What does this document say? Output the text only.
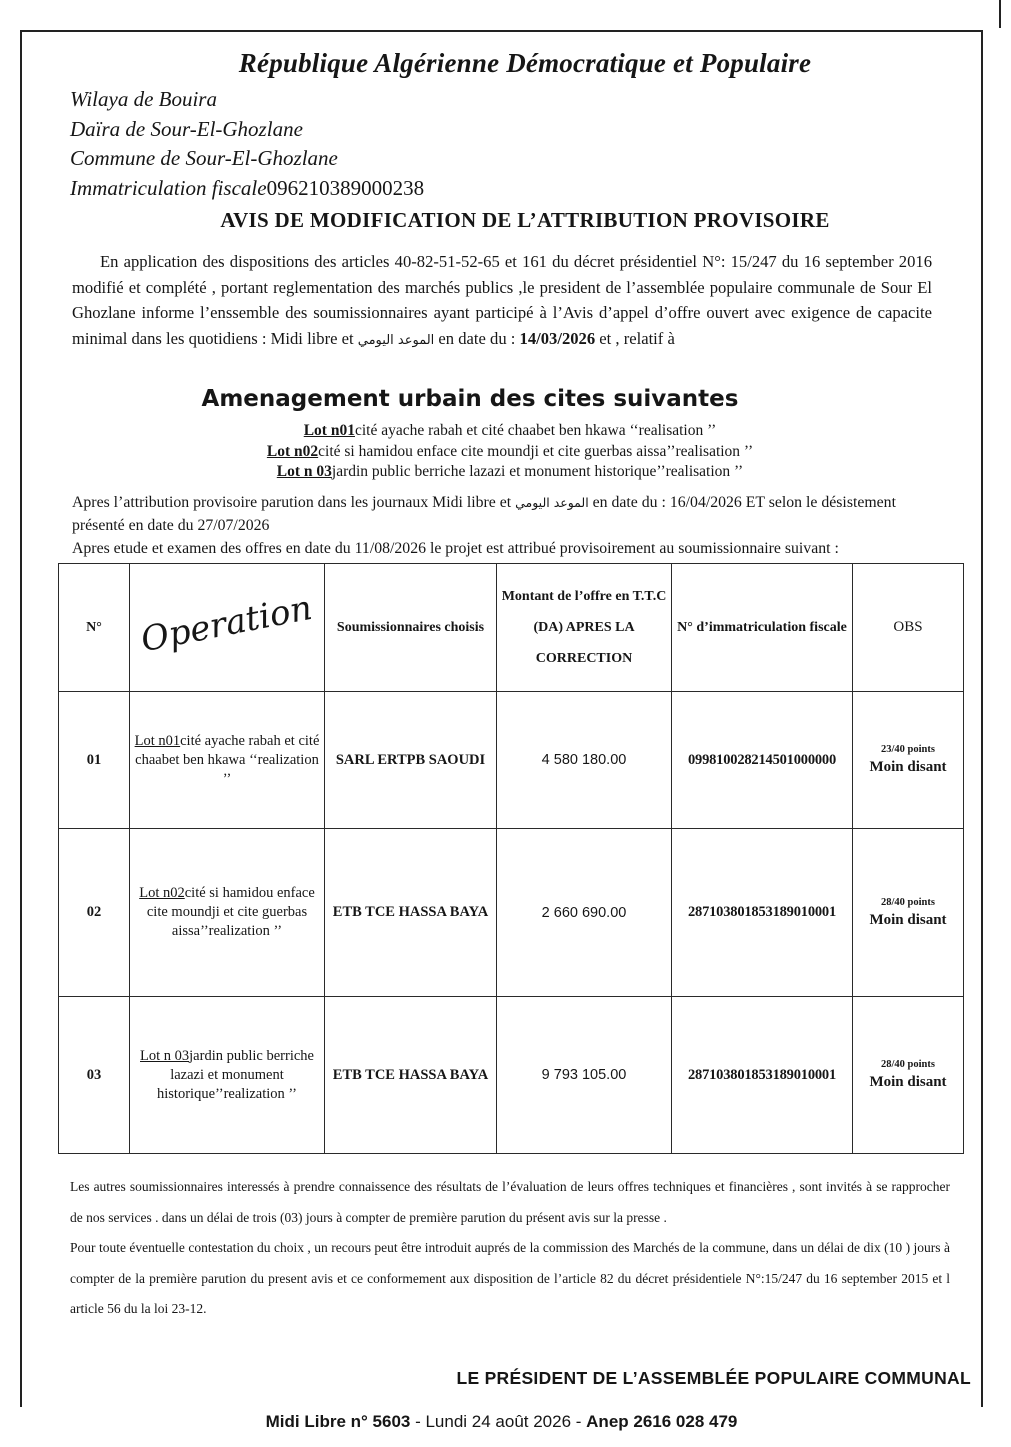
République Algérienne Démocratique et Populaire
Wilaya de Bouira
Daïra de Sour-El-Ghozlane
Commune de Sour-El-Ghozlane
Immatriculation fiscale096210389000238
AVIS DE MODIFICATION DE L’ATTRIBUTION PROVISOIRE
En application des dispositions des articles 40-82-51-52-65 et 161 du décret présidentiel N°: 15/247 du 16 september 2016 modifié et complété , portant reglementation des marchés publics ,le president de l’assemblée populaire communale de Sour El Ghozlane informe l’enssemble des soumissionnaires ayant participé à l’Avis d’appel d’offre ouvert avec exigence de capacite minimal dans les quotidiens : Midi libre et الموعد اليومي en date du : 14/03/2026 et , relatif à
Amenagement urbain des cites suivantes
Lot n01cité ayache rabah et cité chaabet ben hkawa ‘‘realisation ’’
Lot n02cité si hamidou enface cite moundji et cite guerbas aissa’’realisation ’’
Lot n 03jardin public berriche lazazi et monument historique’’realisation ’’
Apres l’attribution provisoire parution dans les journaux Midi libre et الموعد اليومي en date du : 16/04/2026 ET selon le désistement présenté en date du 27/07/2026
Apres etude et examen des offres en date du 11/08/2026 le projet est attribué provisoirement au soumissionnaire suivant :
N°	Operation	Soumissionnaires choisis	Montant de l’offre en T.T.C (DA) APRES LA CORRECTION	N° d’immatriculation fiscale	OBS
01	Lot n01cité ayache rabah et cité chaabet ben hkawa ‘‘realization ’’	SARL ERTPB SAOUDI	4 580 180.00	099810028214501000000	23/40 points
Moin disant

02	Lot n02cité si hamidou enface cite moundji et cite guerbas aissa’’realization ’’	ETB TCE HASSA BAYA	2 660 690.00	287103801853189010001	28/40 points
Moin disant

03	Lot n 03jardin public berriche lazazi et monument historique’’realization ’’	ETB TCE HASSA BAYA	9 793 105.00	287103801853189010001	28/40 points
Moin disant
Les autres soumissionnaires interessés à prendre connaissence des résultats de l’évaluation de leurs offres techniques et financières , sont invités à se rapprocher de nos services . dans un délai de trois (03) jours à compter de première parution du présent avis sur la presse .
Pour toute éventuelle contestation du choix , un recours peut être introduit auprés de la commission des Marchés de la commune, dans un délai de dix (10 ) jours à compter de la première parution du present avis et ce conformement aux disposition de l’article 82 du décret présidentiele N°:15/247 du 16 september 2015 et l article 56 du la loi 23-12.
LE PRÉSIDENT DE L’ASSEMBLÉE POPULAIRE COMMUNAL
Midi Libre n° 5603 - Lundi 24 août 2026 - Anep 2616 028 479
